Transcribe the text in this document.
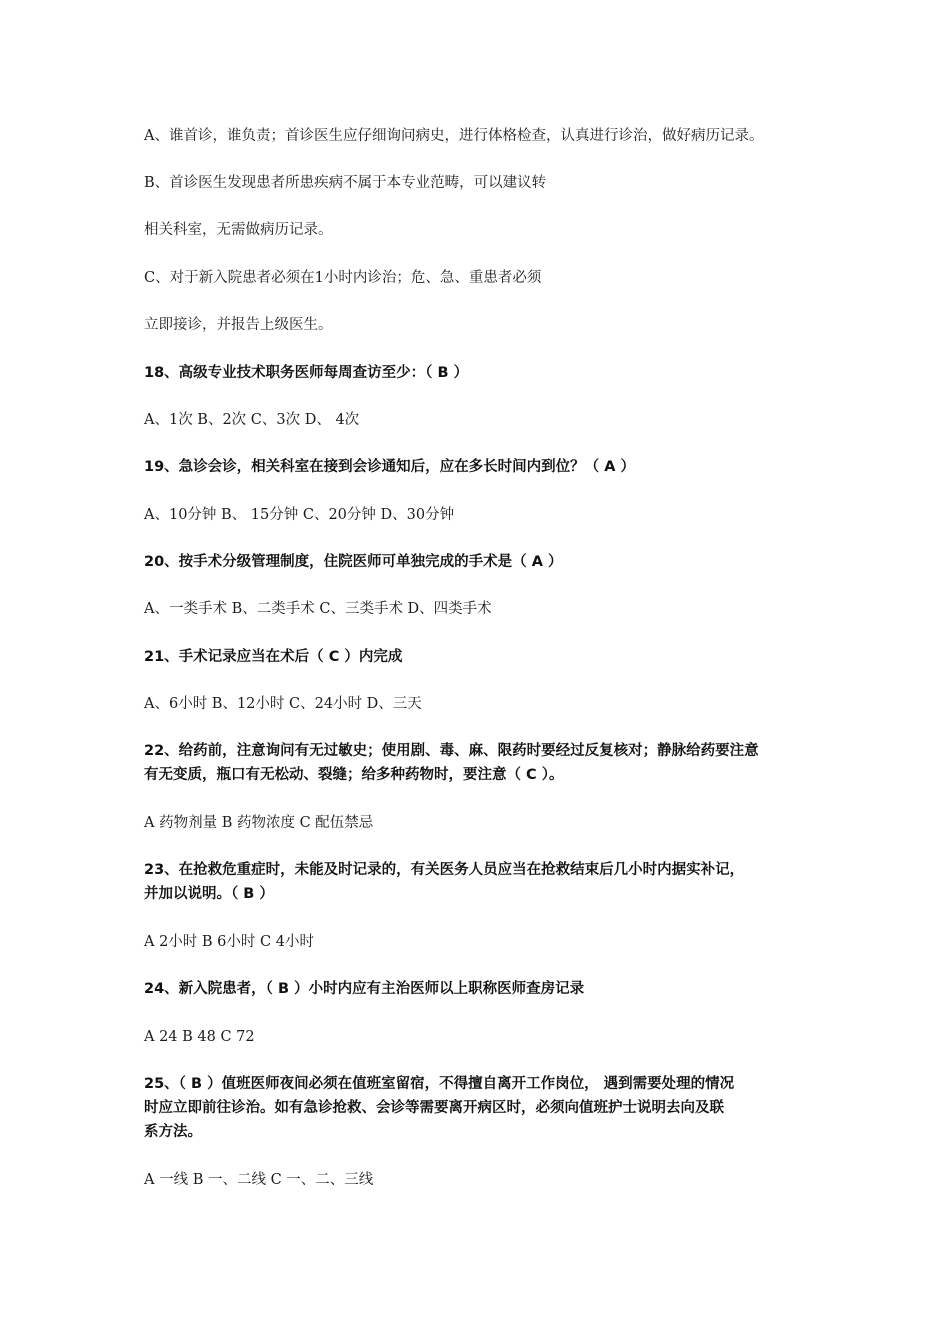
A、谁首诊，谁负责；首诊医生应仔细询问病史，进行体格检查，认真进行诊治，做好病历记录。
B、首诊医生发现患者所患疾病不属于本专业范畴，可以建议转
相关科室，无需做病历记录。
C、对于新入院患者必须在1小时内诊治；危、急、重患者必须
立即接诊，并报告上级医生。
18、高级专业技术职务医师每周查访至少：（ B ）
A、1次 B、2次 C、3次 D、 4次
19、急诊会诊，相关科室在接到会诊通知后，应在多长时间内到位？（ A ）
A、10分钟 B、 15分钟 C、20分钟 D、30分钟
20、按手术分级管理制度，住院医师可单独完成的手术是（ A ）
A、一类手术 B、二类手术 C、三类手术 D、四类手术
21、手术记录应当在术后（ C ）内完成
A、6小时 B、12小时 C、24小时 D、三天
22、给药前，注意询问有无过敏史；使用剧、毒、麻、限药时要经过反复核对；静脉给药要注意
有无变质，瓶口有无松动、裂缝；给多种药物时，要注意（ C ）。
A 药物剂量 B 药物浓度 C 配伍禁忌
23、在抢救危重症时，未能及时记录的，有关医务人员应当在抢救结束后几小时内据实补记，
并加以说明。（ B ）
A 2小时 B 6小时 C 4小时
24、新入院患者，（ B ）小时内应有主治医师以上职称医师查房记录
A 24 B 48 C 72
25、（ B ）值班医师夜间必须在值班室留宿，不得擅自离开工作岗位， 遇到需要处理的情况
时应立即前往诊治。如有急诊抢救、会诊等需要离开病区时，必须向值班护士说明去向及联
系方法。
A 一线 B 一、二线 C 一、二、三线
